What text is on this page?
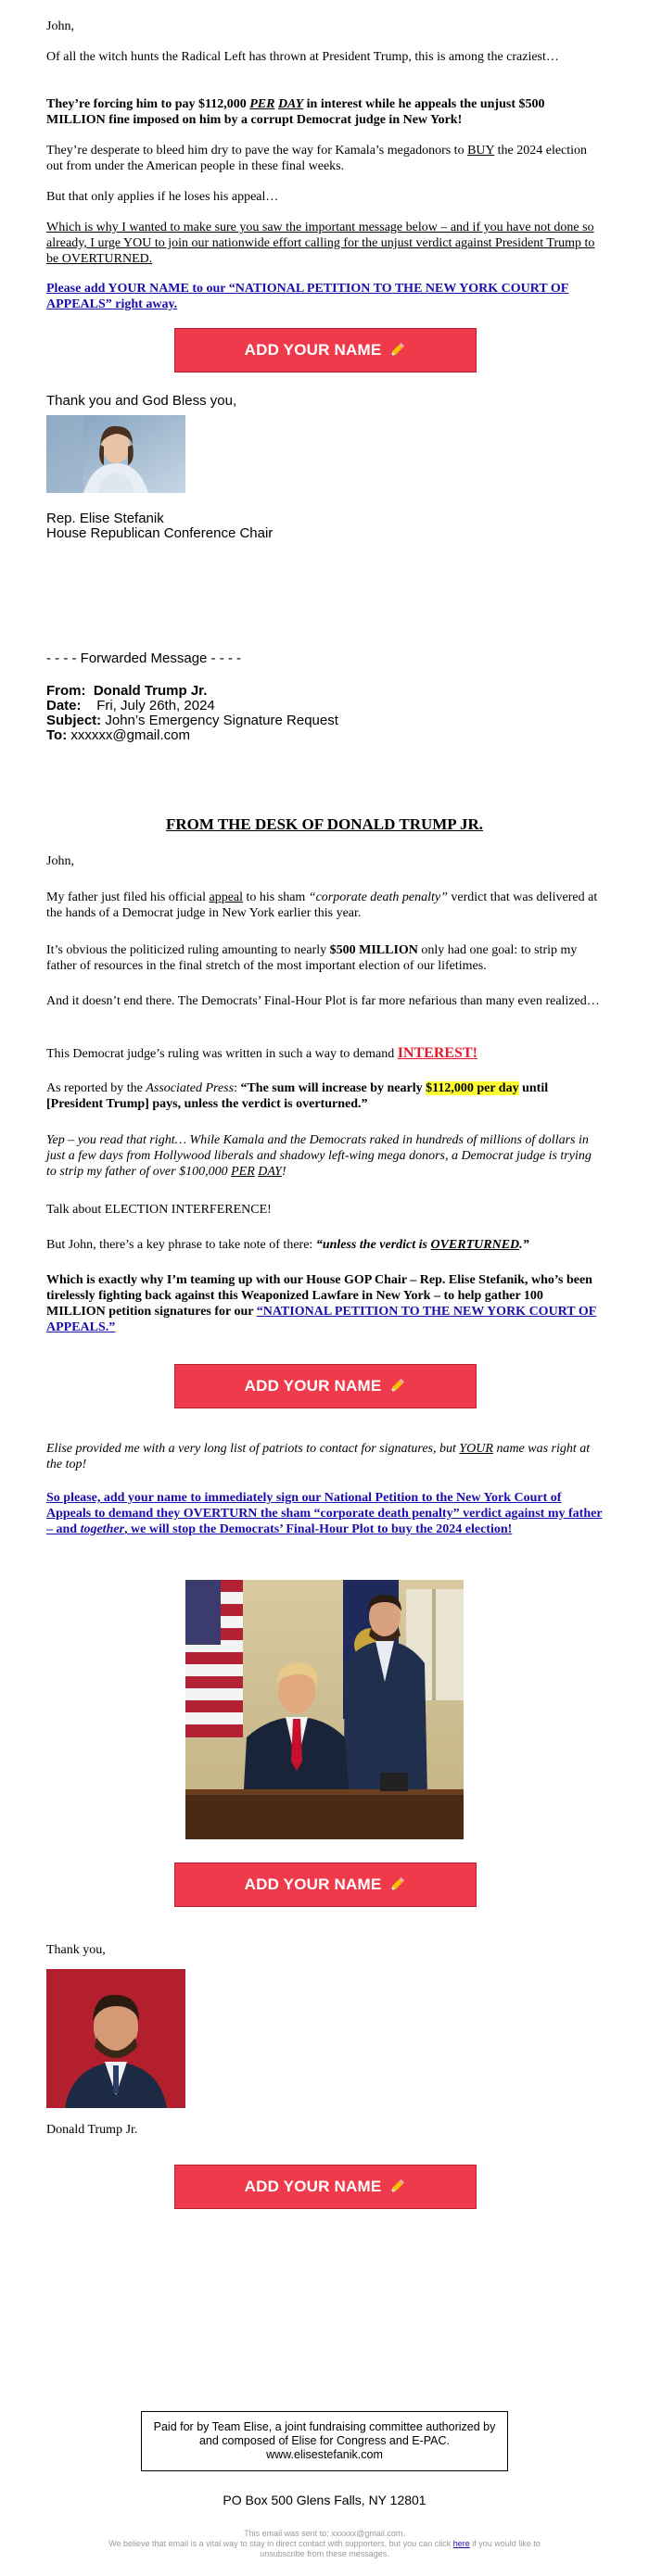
John,

Of all the witch hunts the Radical Left has thrown at President Trump, this is among the craziest…

They’re forcing him to pay $112,000 PER DAY in interest while he appeals the unjust $500 MILLION fine imposed on him by a corrupt Democrat judge in New York!

They’re desperate to bleed him dry to pave the way for Kamala’s megadonors to BUY the 2024 election out from under the American people in these final weeks.

But that only applies if he loses his appeal…

Which is why I wanted to make sure you saw the important message below – and if you have not done so already, I urge YOU to join our nationwide effort calling for the unjust verdict against President Trump to be OVERTURNED.

Please add YOUR NAME to our “NATIONAL PETITION TO THE NEW YORK COURT OF APPEALS” right away.

ADD YOUR NAME

Thank you and God Bless you,

Rep. Elise Stefanik

House Republican Conference Chair

- - - - Forwarded Message - - - -

From: Donald Trump Jr.

Date: Fri, July 26th, 2024

Subject: John’s Emergency Signature Request

To: xxxxxx@gmail.com

FROM THE DESK OF DONALD TRUMP JR.

John,

My father just filed his official appeal to his sham “corporate death penalty” verdict that was delivered at the hands of a Democrat judge in New York earlier this year.

It’s obvious the politicized ruling amounting to nearly $500 MILLION only had one goal: to strip my father of resources in the final stretch of the most important election of our lifetimes.

And it doesn’t end there. The Democrats’ Final-Hour Plot is far more nefarious than many even realized…

This Democrat judge’s ruling was written in such a way to demand INTEREST!

As reported by the Associated Press: “The sum will increase by nearly $112,000 per day until [President Trump] pays, unless the verdict is overturned.”

Yep – you read that right… While Kamala and the Democrats raked in hundreds of millions of dollars in just a few days from Hollywood liberals and shadowy left-wing mega donors, a Democrat judge is trying to strip my father of over $100,000 PER DAY!

Talk about ELECTION INTERFERENCE!

But John, there’s a key phrase to take note of there: “unless the verdict is OVERTURNED.”

Which is exactly why I’m teaming up with our House GOP Chair – Rep. Elise Stefanik, who’s been tirelessly fighting back against this Weaponized Lawfare in New York – to help gather 100 MILLION petition signatures for our “NATIONAL PETITION TO THE NEW YORK COURT OF APPEALS.”

ADD YOUR NAME

Elise provided me with a very long list of patriots to contact for signatures, but YOUR name was right at the top!

So please, add your name to immediately sign our National Petition to the New York Court of Appeals to demand they OVERTURN the sham “corporate death penalty” verdict against my father – and together, we will stop the Democrats’ Final-Hour Plot to buy the 2024 election!

ADD YOUR NAME

Thank you,

Donald Trump Jr.

ADD YOUR NAME
Paid for by Team Elise, a joint fundraising committee authorized by and composed of Elise for Congress and E-PAC. www.elisestefanik.com

PO Box 500 Glens Falls, NY 12801

This email was sent to: xxxxxx@gmail.com.

We believe that email is a vital way to stay in direct contact with supporters, but you can click here if you would like to unsubscribe from these messages.
